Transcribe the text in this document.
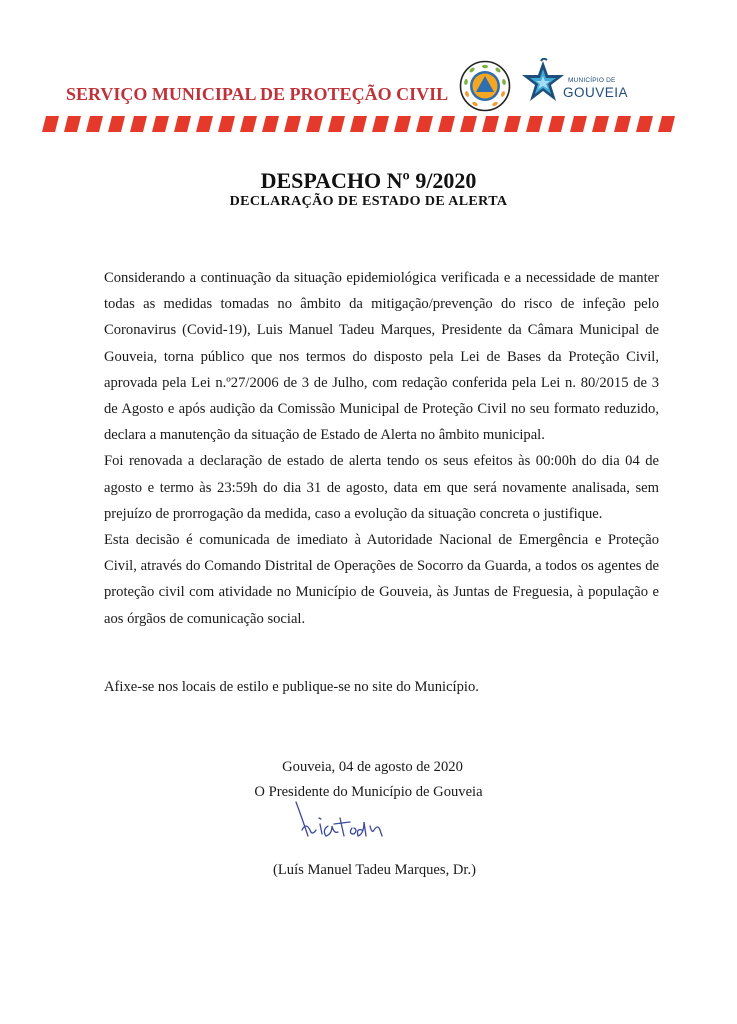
SERVIÇO MUNICIPAL DE PROTEÇÃO CIVIL
MUNICÍPIO DE
GOUVEIA
DESPACHO Nº 9/2020
DECLARAÇÃO DE ESTADO DE ALERTA

Considerando a continuação da situação epidemiológica verificada e a necessidade de manter todas as medidas tomadas no âmbito da mitigação/prevenção do risco de infeção pelo Coronavirus (Covid-19), Luis Manuel Tadeu Marques, Presidente da Câmara Municipal de Gouveia, torna público que nos termos do disposto pela Lei de Bases da Proteção Civil, aprovada pela Lei n.º27/2006 de 3 de Julho, com redação conferida pela Lei n. 80/2015 de 3 de Agosto e após audição da Comissão Municipal de Proteção Civil no seu formato reduzido, declara a manutenção da situação de Estado de Alerta no âmbito municipal.

Foi renovada a declaração de estado de alerta tendo os seus efeitos às 00:00h do dia 04 de agosto e termo às 23:59h do dia 31 de agosto, data em que será novamente analisada, sem prejuízo de prorrogação da medida, caso a evolução da situação concreta o justifique.

Esta decisão é comunicada de imediato à Autoridade Nacional de Emergência e Proteção Civil, através do Comando Distrital de Operações de Socorro da Guarda, a todos os agentes de proteção civil com atividade no Município de Gouveia, às Juntas de Freguesia, à população e aos órgãos de comunicação social.

Afixe-se nos locais de estilo e publique-se no site do Município.
Gouveia, 04 de agosto de 2020
O Presidente do Município de Gouveia
(Luís Manuel Tadeu Marques, Dr.)
